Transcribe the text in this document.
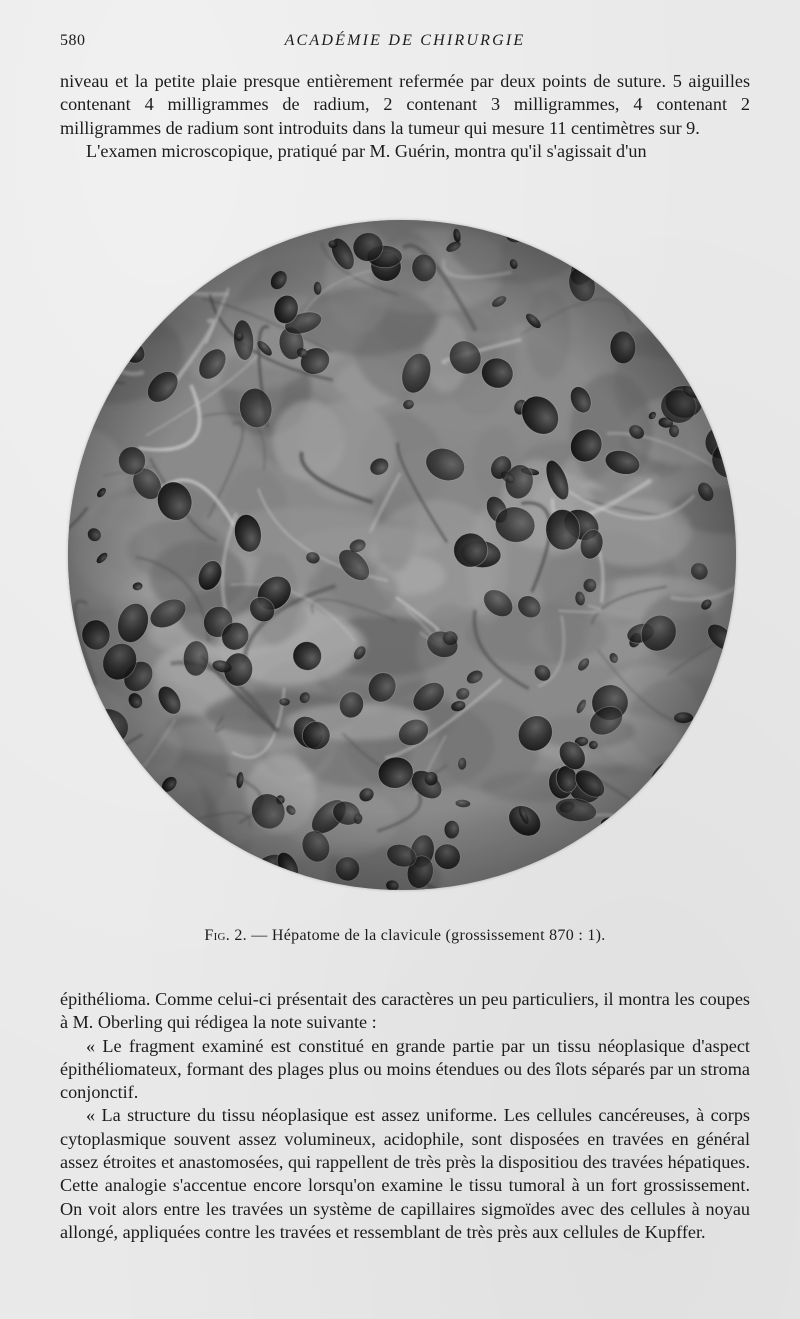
580	ACADÉMIE DE CHIRURGIE

niveau et la petite plaie presque entièrement refermée par deux points de suture. 5 aiguilles contenant 4 milligrammes de radium, 2 contenant 3 milligrammes, 4 contenant 2 milligrammes de radium sont introduits dans la tumeur qui mesure 11 centimètres sur 9.

L'examen microscopique, pratiqué par M. Guérin, montra qu'il s'agissait d'un

Fig. 2. — Hépatome de la clavicule (grossissement 870 : 1).

épithélioma. Comme celui-ci présentait des caractères un peu particuliers, il montra les coupes à M. Oberling qui rédigea la note suivante :

« Le fragment examiné est constitué en grande partie par un tissu néoplasique d'aspect épithéliomateux, formant des plages plus ou moins étendues ou des îlots séparés par un stroma conjonctif.

« La structure du tissu néoplasique est assez uniforme. Les cellules cancéreuses, à corps cytoplasmique souvent assez volumineux, acidophile, sont disposées en travées en général assez étroites et anastomosées, qui rappellent de très près la dispositiou des travées hépatiques. Cette analogie s'accentue encore lorsqu'on examine le tissu tumoral à un fort grossissement. On voit alors entre les travées un système de capillaires sigmoïdes avec des cellules à noyau allongé, appliquées contre les travées et ressemblant de très près aux cellules de Kupffer.
